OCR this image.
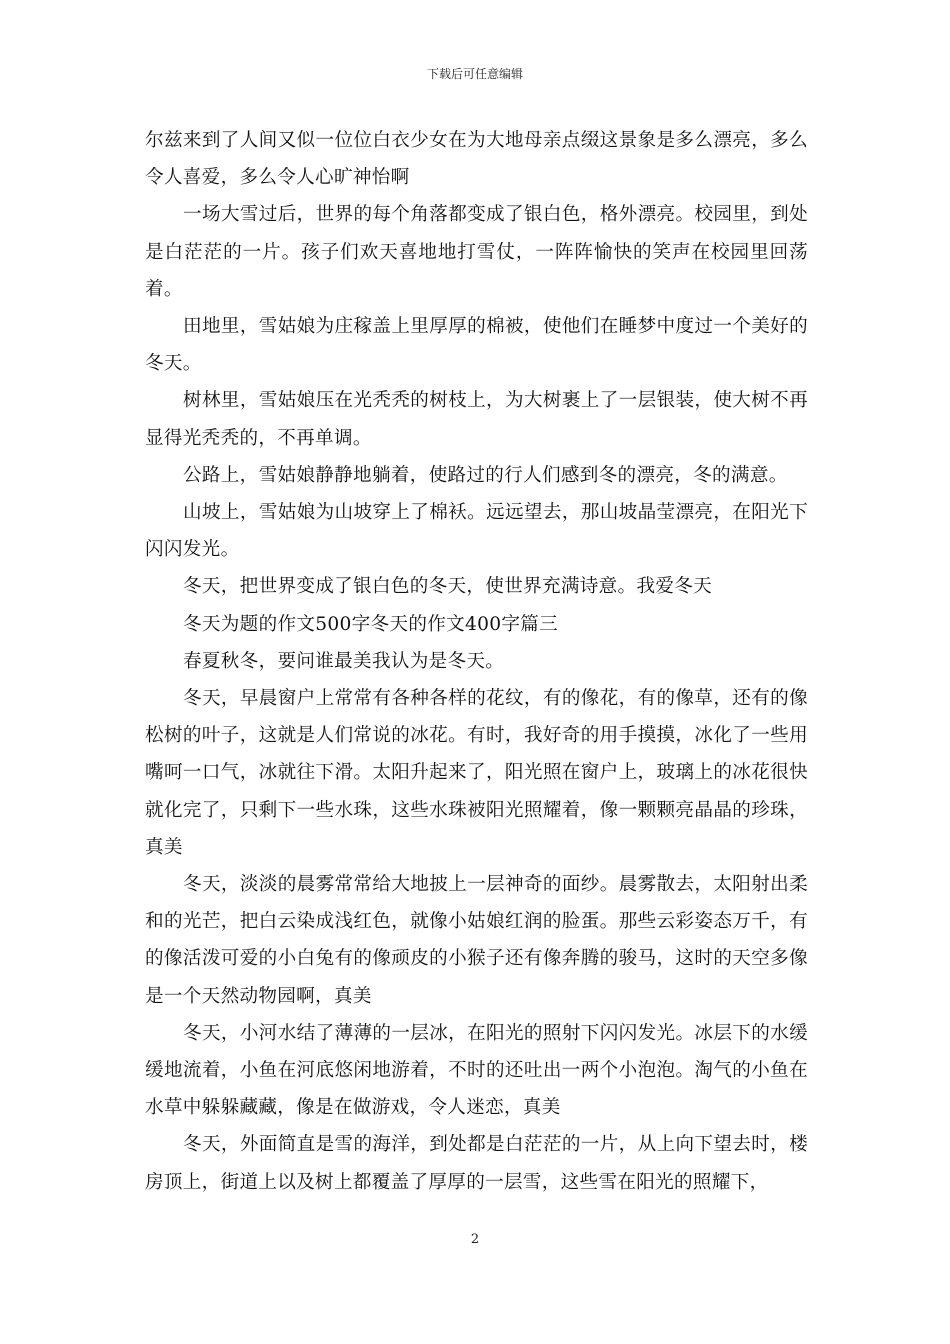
下载后可任意编辑

尔兹来到了人间又似一位位白衣少女在为大地母亲点缀这景象是多么漂亮，多么令人喜爱，多么令人心旷神怡啊

一场大雪过后，世界的每个角落都变成了银白色，格外漂亮。校园里，到处是白茫茫的一片。孩子们欢天喜地地打雪仗，一阵阵愉快的笑声在校园里回荡着。

田地里，雪姑娘为庄稼盖上里厚厚的棉被，使他们在睡梦中度过一个美好的冬天。

树林里，雪姑娘压在光秃秃的树枝上，为大树裹上了一层银装，使大树不再显得光秃秃的，不再单调。

公路上，雪姑娘静静地躺着，使路过的行人们感到冬的漂亮，冬的满意。

山坡上，雪姑娘为山坡穿上了棉袄。远远望去，那山坡晶莹漂亮，在阳光下闪闪发光。

冬天，把世界变成了银白色的冬天，使世界充满诗意。我爱冬天

冬天为题的作文500字冬天的作文400字篇三

春夏秋冬，要问谁最美我认为是冬天。

冬天，早晨窗户上常常有各种各样的花纹，有的像花，有的像草，还有的像松树的叶子，这就是人们常说的冰花。有时，我好奇的用手摸摸，冰化了一些用嘴呵一口气，冰就往下滑。太阳升起来了，阳光照在窗户上，玻璃上的冰花很快就化完了，只剩下一些水珠，这些水珠被阳光照耀着，像一颗颗亮晶晶的珍珠，真美

冬天，淡淡的晨雾常常给大地披上一层神奇的面纱。晨雾散去，太阳射出柔和的光芒，把白云染成浅红色，就像小姑娘红润的脸蛋。那些云彩姿态万千，有的像活泼可爱的小白兔有的像顽皮的小猴子还有像奔腾的骏马，这时的天空多像是一个天然动物园啊，真美

冬天，小河水结了薄薄的一层冰，在阳光的照射下闪闪发光。冰层下的水缓缓地流着，小鱼在河底悠闲地游着，不时的还吐出一两个小泡泡。淘气的小鱼在水草中躲躲藏藏，像是在做游戏，令人迷恋，真美

冬天，外面简直是雪的海洋，到处都是白茫茫的一片，从上向下望去时，楼房顶上，街道上以及树上都覆盖了厚厚的一层雪，这些雪在阳光的照耀下，

2
